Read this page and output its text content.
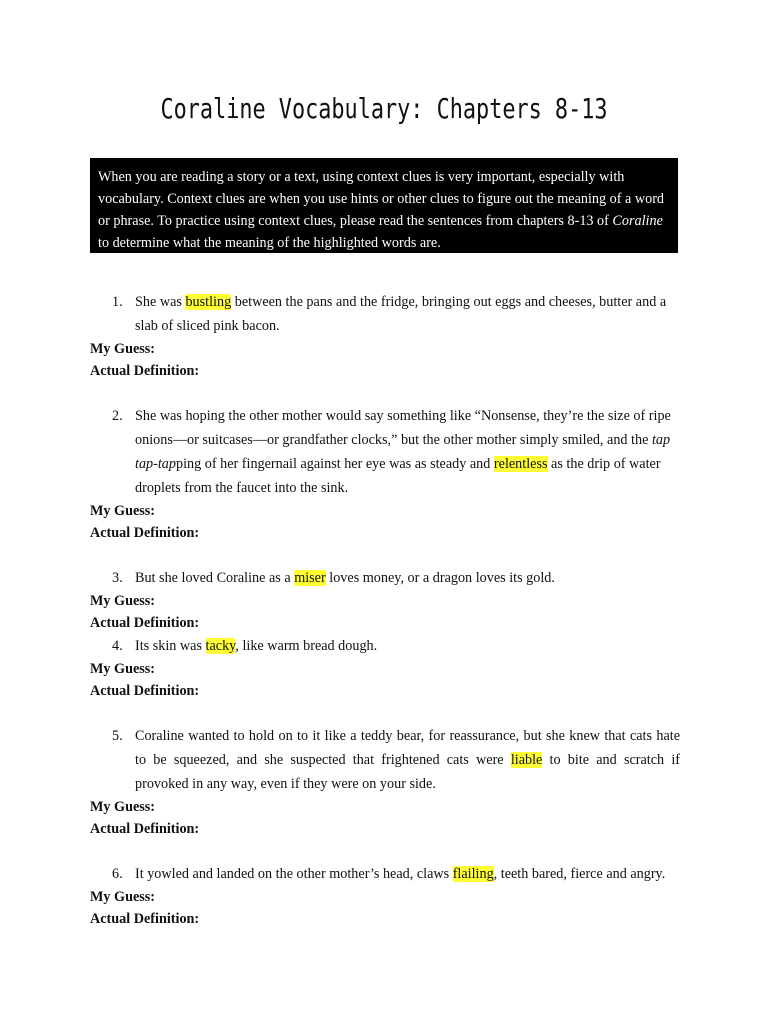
Coraline Vocabulary: Chapters 8-13
When you are reading a story or a text, using context clues is very important, especially with vocabulary. Context clues are when you use hints or other clues to figure out the meaning of a word or phrase. To practice using context clues, please read the sentences from chapters 8-13 of Coraline to determine what the meaning of the highlighted words are.
1. She was bustling between the pans and the fridge, bringing out eggs and cheeses, butter and a slab of sliced pink bacon.
My Guess:
Actual Definition:
2. She was hoping the other mother would say something like “Nonsense, they’re the size of ripe onions—or suitcases—or grandfather clocks,” but the other mother simply smiled, and the tap tap-tapping of her fingernail against her eye was as steady and relentless as the drip of water droplets from the faucet into the sink.
My Guess:
Actual Definition:
3. But she loved Coraline as a miser loves money, or a dragon loves its gold.
My Guess:
Actual Definition:
4. Its skin was tacky, like warm bread dough.
My Guess:
Actual Definition:
5. Coraline wanted to hold on to it like a teddy bear, for reassurance, but she knew that cats hate to be squeezed, and she suspected that frightened cats were liable to bite and scratch if provoked in any way, even if they were on your side.
My Guess:
Actual Definition:
6. It yowled and landed on the other mother’s head, claws flailing, teeth bared, fierce and angry.
My Guess:
Actual Definition:
